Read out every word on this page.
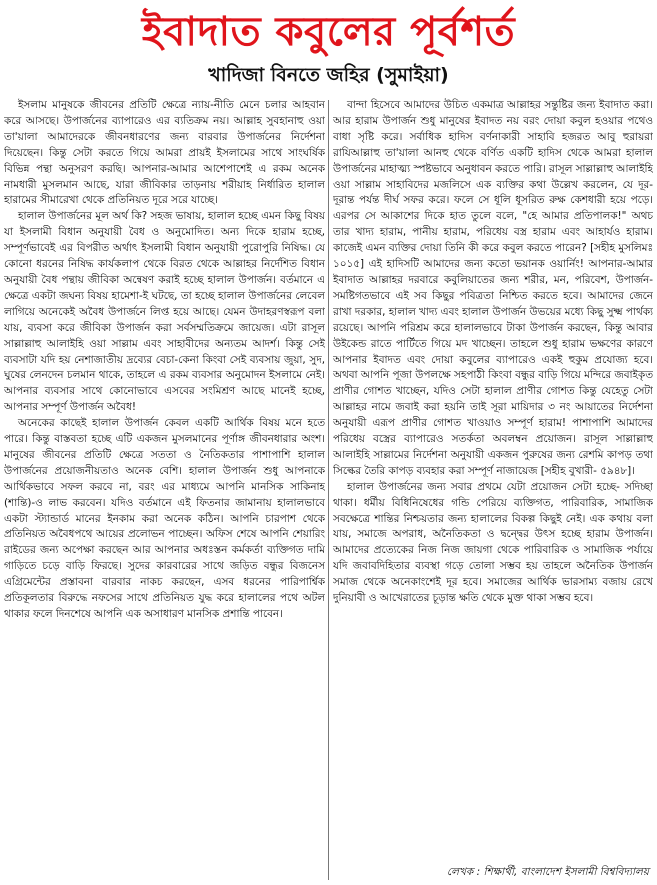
ইবাদাত কবুলের পূর্বশর্ত
খাদিজা বিনতে জহির (সুমাইয়া)

ইসলাম মানুষকে জীবনের প্রতিটি ক্ষেত্রে ন্যায়-নীতি মেনে চলার আহবান করে আসছে। উপার্জনের ব্যাপারেও এর ব্যতিক্রম নয়। আল্লাহ সুবহানাহু ওয়া তা'য়ালা আমাদেরকে জীবনধারণের জন্য বারবার উপার্জনের নির্দেশনা দিয়েছেন। কিন্তু সেটা করতে গিয়ে আমরা প্রায়ই ইসলামের সাথে সাংঘর্ষিক বিভিন্ন পন্থা অনুসরণ করছি। আপনার-আমার আশেপাশেই এ রকম অনেক নামধারী মুসলমান আছে, যারা জীবিকার তাড়নায় শরীয়াহ নির্ধারিত হালাল হারামের সীমারেখা থেকে প্রতিনিয়ত দূরে সরে যাচ্ছে।

হালাল উপার্জনের মূল অর্থ কি? সহজ ভাষায়, হালাল হচ্ছে এমন কিছু বিষয় যা ইসলামী বিধান অনুযায়ী বৈধ ও অনুমোদিত। অন্য দিকে হারাম হচ্ছে, সম্পূর্ণভাবেই এর বিপরীত অর্থাৎ ইসলামী বিধান অনুযায়ী পুরোপুরি নিষিদ্ধ। যে কোনো ধরনের নিষিদ্ধ কার্যকলাপ থেকে বিরত থেকে আল্লাহর নির্দেশিত বিধান অনুযায়ী বৈধ পন্থায় জীবিকা অন্বেষণ করাই হচ্ছে হালাল উপার্জন। বর্তমানে এ ক্ষেত্রে একটা জঘন্য বিষয় হামেশা-ই ঘটছে, তা হচ্ছে হালাল উপার্জনের লেবেল লাগিয়ে অনেকেই অবৈধ উপার্জনে লিপ্ত হয়ে আছে। যেমন উদাহরণস্বরূপ বলা যায়, ব্যবসা করে জীবিকা উপার্জন করা সর্বসম্মতিক্রমে জায়েজ। এটা রাসূল সাল্লাল্লাহু আলাইহি ওয়া সাল্লাম এবং সাহাবীদের অন্যতম আদর্শ। কিন্তু সেই ব্যবসাটা যদি হয় নেশাজাতীয় দ্রব্যের বেচা-কেনা কিংবা সেই ব্যবসায় জুয়া, সুদ, ঘুষের লেনদেন চলমান থাকে, তাহলে এ রকম ব্যবসার অনুমোদন ইসলামে নেই। আপনার ব্যবসার সাথে কোনোভাবে এসবের সংমিশ্রণ আছে মানেই হচ্ছে, আপনার সম্পূর্ণ উপার্জন অবৈধ!

অনেকের কাছেই হালাল উপার্জন কেবল একটি আর্থিক বিষয় মনে হতে পারে। কিন্তু বাস্তবতা হচ্ছে এটি একজন মুসলমানের পূর্ণাঙ্গ জীবনধারার অংশ। মানুষের জীবনের প্রতিটি ক্ষেত্রে সততা ও নৈতিকতার পাশাপাশি হালাল উপার্জনের প্রয়োজনীয়তাও অনেক বেশি। হালাল উপার্জন শুধু আপনাকে আর্থিকভাবে সফল করবে না, বরং এর মাধ্যমে আপনি মানসিক সাকিনাহ (শান্তি)-ও লাভ করবেন। যদিও বর্তমানে এই ফিতনার জামানায় হালালভাবে একটা স্ট্যান্ডার্ড মানের ইনকাম করা অনেক কঠিন। আপনি চারপাশ থেকে প্রতিনিয়ত অবৈধপথে আয়ের প্রলোভন পাচ্ছেন। অফিস শেষে আপনি শেয়ারিং রাইডের জন্য অপেক্ষা করছেন আর আপনার অধঃস্তন কর্মকর্তা ব্যক্তিগত দামি গাড়িতে চড়ে বাড়ি ফিরছে। সুদের কারবারের সাথে জড়িত বন্ধুর বিজনেস এগ্রিমেন্টের প্রস্তাবনা বারবার নাকচ করছেন, এসব ধরনের পারিপার্শ্বিক প্রতিকূলতার বিরুদ্ধে নফসের সাথে প্রতিনিয়ত যুদ্ধ করে হালালের পথে অটল থাকার ফলে দিনশেষে আপনি এক অসাধারণ মানসিক প্রশান্তি পাবেন।

বান্দা হিসেবে আমাদের উচিত একমাত্র আল্লাহর সন্তুষ্টির জন্য ইবাদাত করা। আর হারাম উপার্জন শুধু মানুষের ইবাদত নয় বরং দোয়া কবুল হওয়ার পথেও বাধা সৃষ্টি করে। সর্বাধিক হাদিস বর্ণনাকারী সাহাবি হজরত আবু হুরায়রা রাযিআল্লাহু তা'য়ালা আনহু থেকে বর্ণিত একটি হাদিস থেকে আমরা হালাল উপার্জনের মাহাত্ম্য স্পষ্টভাবে অনুধাবন করতে পারি। রাসূল সাল্লাল্লাহু আলাইহি ওয়া সাল্লাম সাহাবিদের মজলিসে এক ব্যক্তির কথা উল্লেখ করলেন, যে দূর-দূরান্ত পর্যন্ত দীর্ঘ সফর করে। ফলে সে ধূলি ধূসরিত রুক্ষ কেশধারী হয়ে পড়ে। এরপর সে আকাশের দিকে হাত তুলে বলে, "হে আমার প্রতিপালক!" অথচ তার খাদ্য হারাম, পানীয় হারাম, পরিধেয় বস্ত্র হারাম এবং আহার্যও হারাম। কাজেই এমন ব্যক্তির দোয়া তিনি কী করে কবুল করতে পারেন? [সহীহ মুসলিমঃ ১০১৫] এই হাদিসটি আমাদের জন্য কতো ভয়ানক ওয়ার্নিং! আপনার-আমার ইবাদাত আল্লাহর দরবারে কবুলিয়াতের জন্য শরীর, মন, পরিবেশ, উপার্জন-সমষ্টিগতভাবে এই সব কিছুর পবিত্রতা নিশ্চিত করতে হবে। আমাদের জেনে রাখা দরকার, হালাল খাদ্য এবং হালাল উপার্জন উভয়ের মধ্যে কিছু সুক্ষ্ম পার্থক্য রয়েছে। আপনি পরিশ্রম করে হালালভাবে টাকা উপার্জন করছেন, কিন্তু আবার উইকেন্ড রাতে পার্টিতে গিয়ে মদ খাচ্ছেন। তাহলে শুধু হারাম ভক্ষণের কারণে আপনার ইবাদত এবং দোয়া কবুলের ব্যাপারেও একই হুকুম প্রযোজ্য হবে। অথবা আপনি পূজা উপলক্ষে সহপাঠী কিংবা বন্ধুর বাড়ি গিয়ে মন্দিরে জবাইকৃত প্রাণীর গোশত খাচ্ছেন, যদিও সেটা হালাল প্রাণীর গোশত কিন্তু যেহেতু সেটা আল্লাহর নামে জবাই করা হয়নি তাই সূরা মায়িদার ৩ নং আয়াতের নির্দেশনা অনুযায়ী এরূপ প্রাণীর গোশত খাওয়াও সম্পূর্ণ হারাম! পাশাপাশি আমাদের পরিধেয় বস্ত্রের ব্যাপারেও সতর্কতা অবলম্বন প্রয়োজন। রাসূল সাল্লাল্লাহু আলাইহি সাল্লামের নির্দেশনা অনুযায়ী একজন পুরুষের জন্য রেশমি কাপড় তথা সিল্কের তৈরি কাপড় ব্যবহার করা সম্পূর্ণ নাজায়েজ [সহীহ বুখারী- ৫৯৪৮]।

হালাল উপার্জনের জন্য সবার প্রথমে যেটা প্রয়োজন সেটা হচ্ছে- সদিচ্ছা থাকা। ধর্মীয় বিধিনিষেধের গন্ডি পেরিয়ে ব্যক্তিগত, পারিবারিক, সামাজিক সবক্ষেত্রে শান্তির নিশ্চয়তার জন্য হালালের বিকল্প কিছুই নেই। এক কথায় বলা যায়, সমাজে অপরাধ, অনৈতিকতা ও দ্বন্দ্বের উৎস হচ্ছে হারাম উপার্জন। আমাদের প্রত্যেকের নিজ নিজ জায়গা থেকে পারিবারিক ও সামাজিক পর্যায়ে যদি জবাবদিহিতার ব্যবস্থা গড়ে তোলা সম্ভব হয় তাহলে অনৈতিক উপার্জন সমাজ থেকে অনেকাংশেই দূর হবে। সমাজের আর্থিক ভারসাম্য বজায় রেখে দুনিয়াবী ও আখেরাতের চূড়ান্ত ক্ষতি থেকে মুক্ত থাকা সম্ভব হবে।

লেখক : শিক্ষার্থী, বাংলাদেশ ইসলামী বিশ্ববিদ্যালয়
